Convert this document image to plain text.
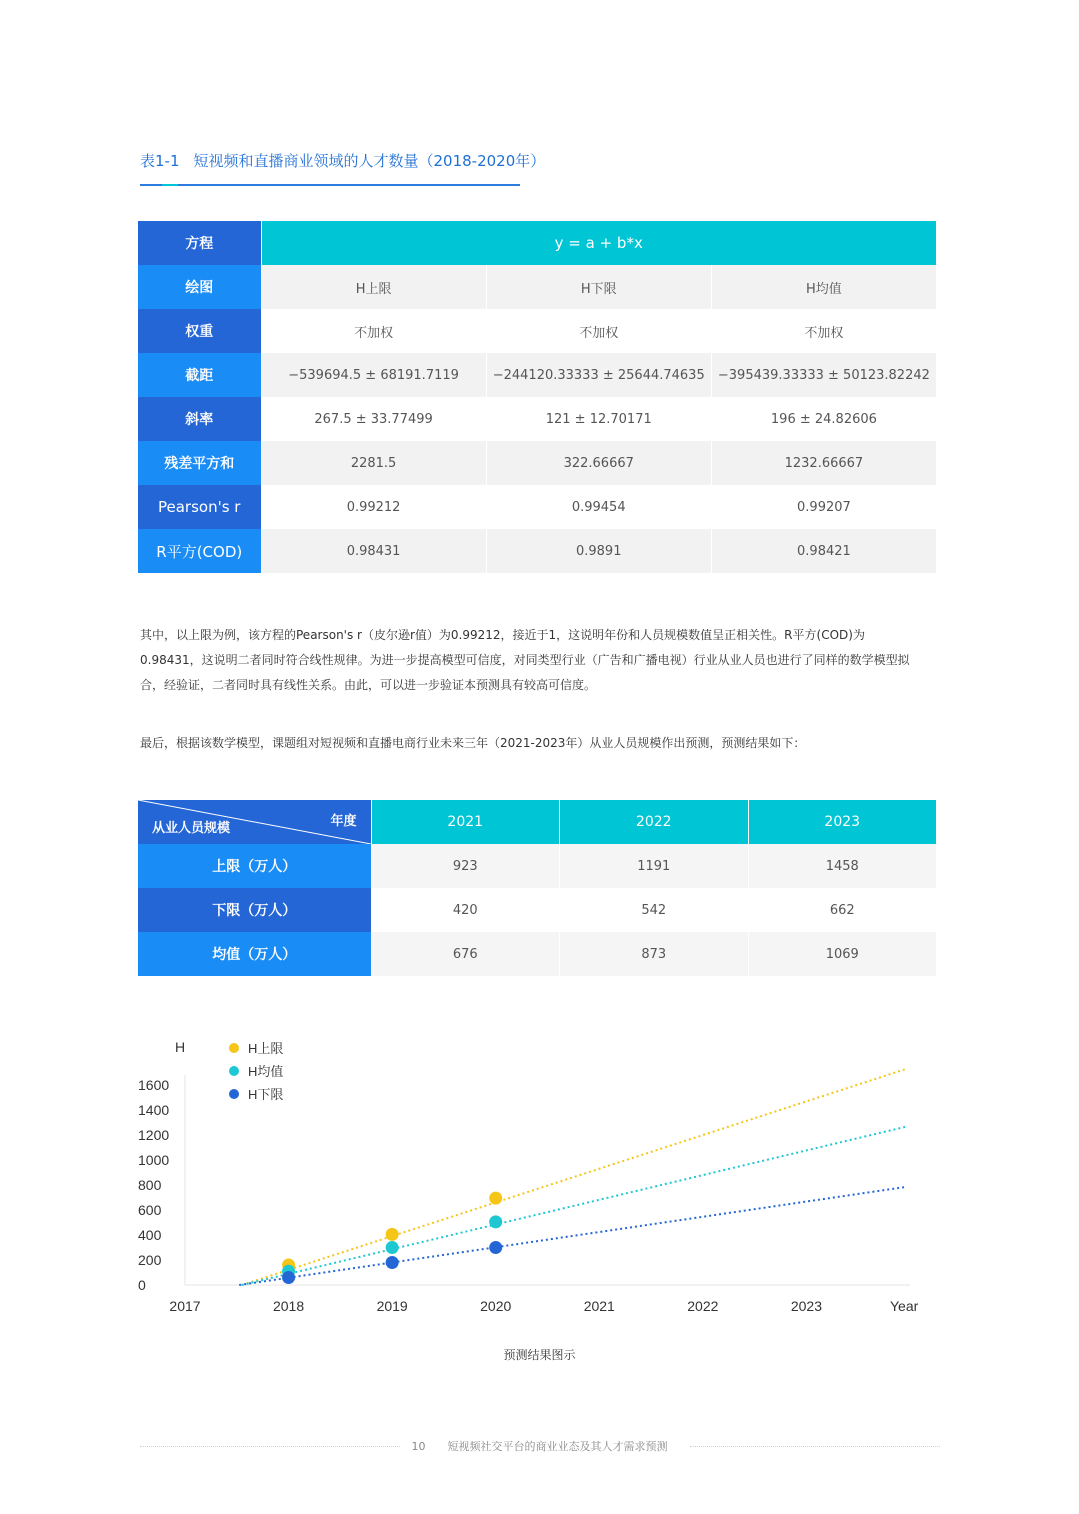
表1-1 短视频和直播商业领域的人才数量（2018-2020年）
方程	y = a + b*x		
绘图	H上限	H下限	H均值
权重	不加权	不加权	不加权
截距	−539694.5 ± 68191.7119	−244120.33333 ± 25644.74635	−395439.33333 ± 50123.82242
斜率	267.5 ± 33.77499	121 ± 12.70171	196 ± 24.82606
残差平方和	2281.5	322.66667	1232.66667
Pearson's r	0.99212	0.99454	0.99207
R平方(COD)	0.98431	0.9891	0.98421
其中，以上限为例，该方程的Pearson's r（皮尔逊r值）为0.99212，接近于1，这说明年份和人员规模数值呈正相关性。R平方(COD)为
0.98431，这说明二者同时符合线性规律。为进一步提高模型可信度，对同类型行业（广告和广播电视）行业从业人员也进行了同样的数学模型拟
合，经验证，二者同时具有线性关系。由此，可以进一步验证本预测具有较高可信度。
最后，根据该数学模型，课题组对短视频和直播电商行业未来三年（2021-2023年）从业人员规模作出预测，预测结果如下：
年度
从业人员规模	2021	2022	2023
上限（万人）	923	1191	1458
下限（万人）	420	542	662
均值（万人）	676	873	1069
0
200
400
600
800
1000
1200
1400
1600
2017	2018	2019	2020	2021	2022	2023
H
Year
H上限
H均值
H下限
预测结果图示
10 短视频社交平台的商业业态及其人才需求预测
